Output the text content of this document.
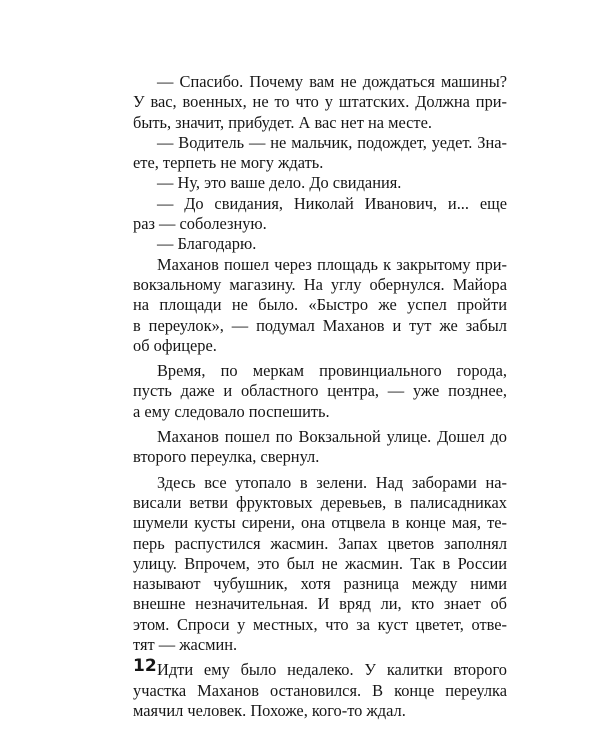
— Спасибо. Почему вам не дождаться машины?
У вас, военных, не то что у штатских. Должна при-
быть, значит, прибудет. А вас нет на месте.
— Водитель — не мальчик, подождет, уедет. Зна-
ете, терпеть не могу ждать.
— Ну, это ваше дело. До свидания.
— До свидания, Николай Иванович, и... еще
раз — соболезную.
— Благодарю.
Маханов пошел через площадь к закрытому при-
вокзальному магазину. На углу обернулся. Майора
на площади не было. «Быстро же успел пройти
в переулок», — подумал Маханов и тут же забыл
об офицере.
Время, по меркам провинциального города,
пусть даже и областного центра, — уже позднее,
а ему следовало поспешить.
Маханов пошел по Вокзальной улице. Дошел до
второго переулка, свернул.
Здесь все утопало в зелени. Над заборами на-
висали ветви фруктовых деревьев, в палисадниках
шумели кусты сирени, она отцвела в конце мая, те-
перь распустился жасмин. Запах цветов заполнял
улицу. Впрочем, это был не жасмин. Так в России
называют чубушник, хотя разница между ними
внешне незначительная. И вряд ли, кто знает об
этом. Спроси у местных, что за куст цветет, отве-
тят — жасмин.
Идти ему было недалеко. У калитки второго
участка Маханов остановился. В конце переулка
маячил человек. Похоже, кого-то ждал.
12
